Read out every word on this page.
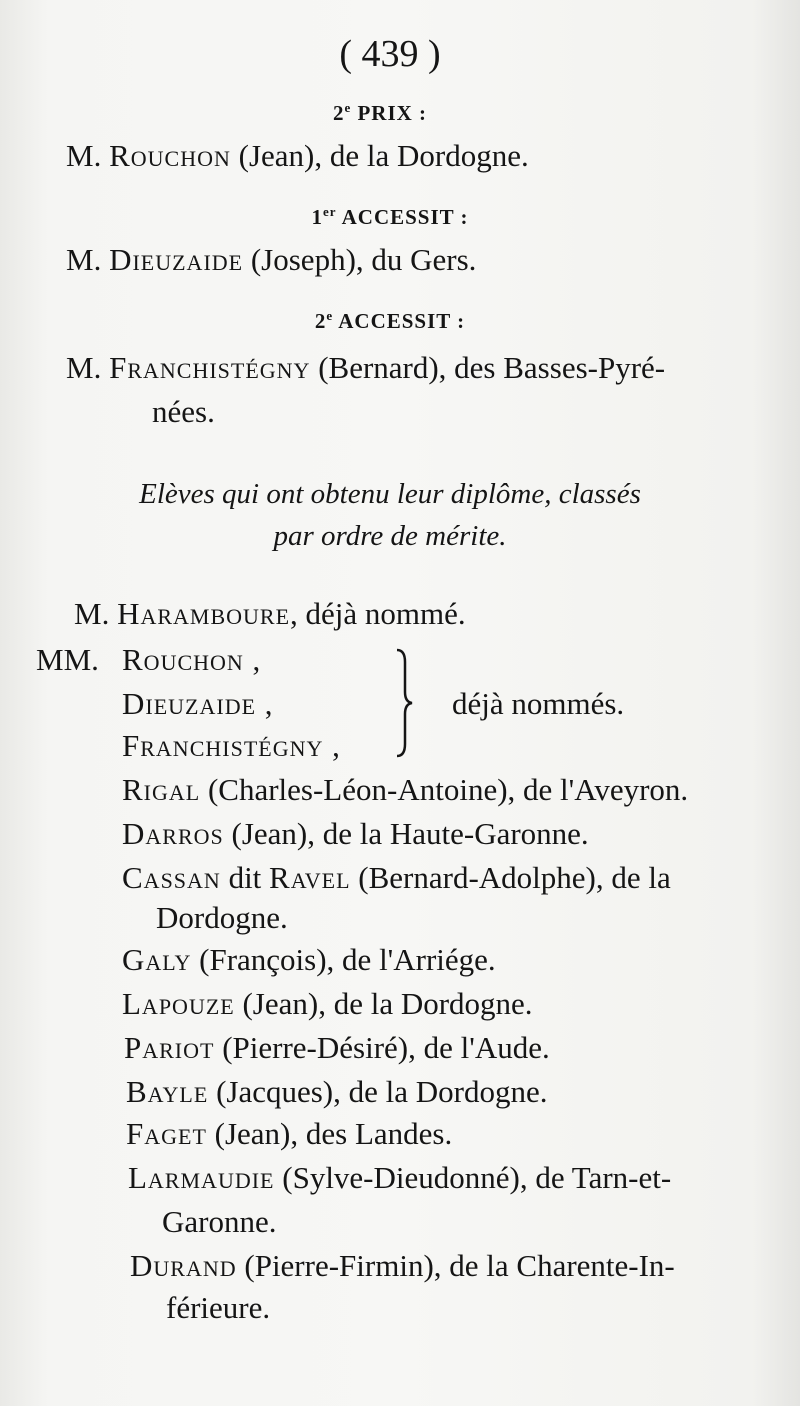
( 439 )
2e PRIX :
M. Rouchon (Jean), de la Dordogne.
1er ACCESSIT :
M. Dieuzaide (Joseph), du Gers.
2e ACCESSIT :
M. Franchistégny (Bernard), des Basses-Pyré-
nées.
Elèves qui ont obtenu leur diplôme, classés
par ordre de mérite.
M. Haramboure, déjà nommé.
MM. Rouchon ,
Dieuzaide ,
Franchistégny ,
déjà nommés.
Rigal (Charles-Léon-Antoine), de l'Aveyron.
Darros (Jean), de la Haute-Garonne.
Cassan dit Ravel (Bernard-Adolphe), de la
Dordogne.
Galy (François), de l'Arriége.
Lapouze (Jean), de la Dordogne.
Pariot (Pierre-Désiré), de l'Aude.
Bayle (Jacques), de la Dordogne.
Faget (Jean), des Landes.
Larmaudie (Sylve-Dieudonné), de Tarn-et-
Garonne.
Durand (Pierre-Firmin), de la Charente-In-
férieure.
